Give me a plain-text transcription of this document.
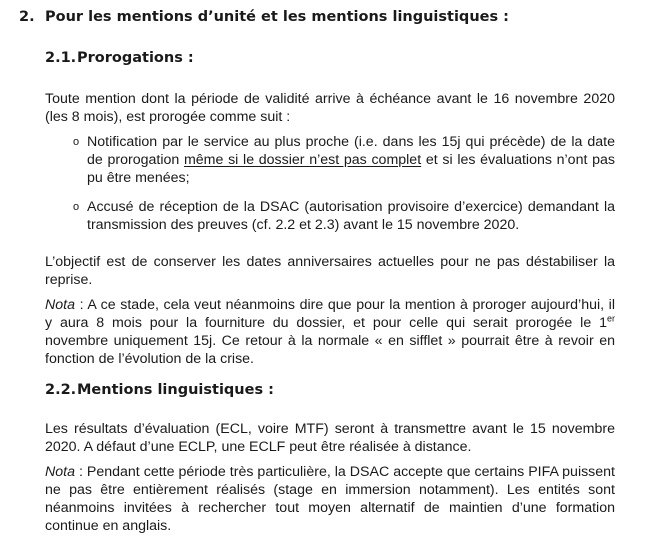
2. Pour les mentions d’unité et les mentions linguistiques :
2.1.Prorogations :

Toute mention dont la période de validité arrive à échéance avant le 16 novembre 2020 (les 8 mois), est prorogée comme suit :

o Notification par le service au plus proche (i.e. dans les 15j qui précède) de la date de prorogation même si le dossier n’est pas complet et si les évaluations n’ont pas pu être menées;
o Accusé de réception de la DSAC (autorisation provisoire d’exercice) demandant la transmission des preuves (cf. 2.2 et 2.3) avant le 15 novembre 2020.

L’objectif est de conserver les dates anniversaires actuelles pour ne pas déstabiliser la reprise.

Nota : A ce stade, cela veut néanmoins dire que pour la mention à proroger aujourd’hui, il y aura 8 mois pour la fourniture du dossier, et pour celle qui serait prorogée le 1er novembre uniquement 15j. Ce retour à la normale « en sifflet » pourrait être à revoir en fonction de l’évolution de la crise.

2.2.Mentions linguistiques :

Les résultats d’évaluation (ECL, voire MTF) seront à transmettre avant le 15 novembre 2020. A défaut d’une ECLP, une ECLF peut être réalisée à distance.

Nota : Pendant cette période très particulière, la DSAC accepte que certains PIFA puissent ne pas être entièrement réalisés (stage en immersion notamment). Les entités sont néanmoins invitées à rechercher tout moyen alternatif de maintien d’une formation continue en anglais.
